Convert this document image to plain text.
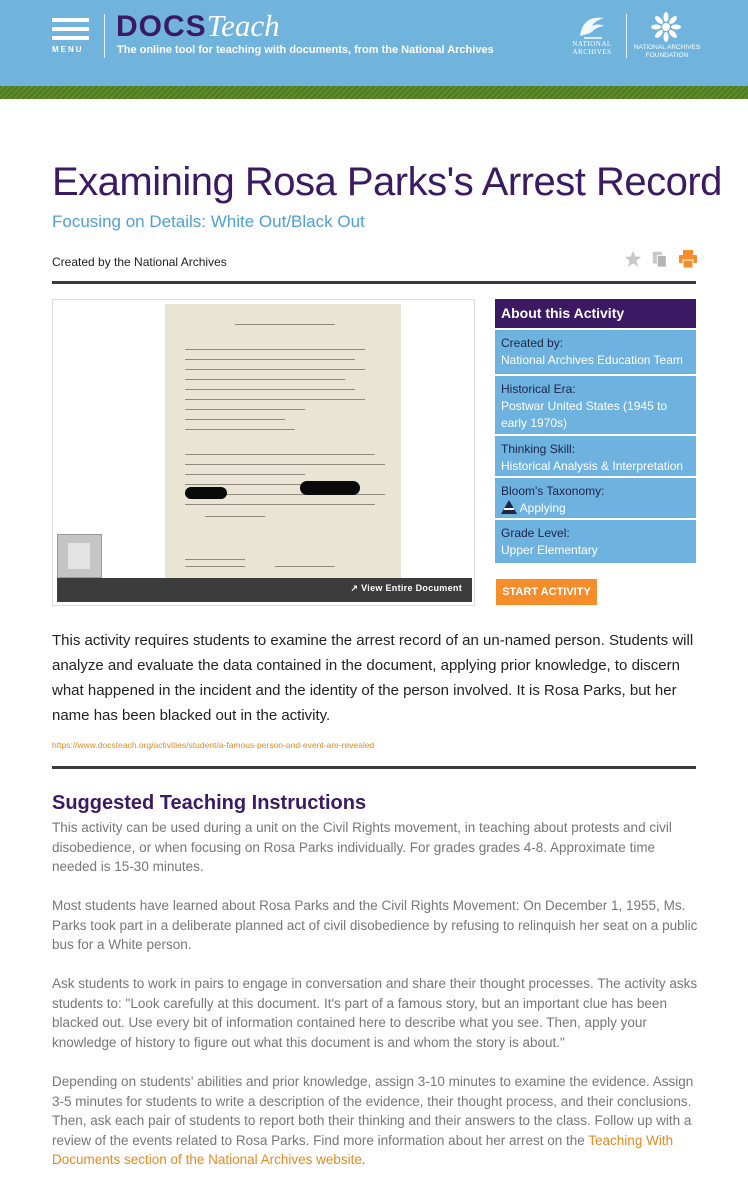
MENU
DOCSTeach
The online tool for teaching with documents, from the National Archives	NATIONAL
ARCHIVES
NATIONAL ARCHIVES
FOUNDATION
Examining Rosa Parks's Arrest Record
Focusing on Details: White Out/Black Out
Created by the National Archives
↗ View Entire Document
About this Activity
Created by:
National Archives Education Team
Historical Era:
Postwar United States (1945 to early 1970s)
Thinking Skill:
Historical Analysis & Interpretation
Bloom's Taxonomy:
Applying
Grade Level:
Upper Elementary
START ACTIVITY

This activity requires students to examine the arrest record of an un-named person. Students will analyze and evaluate the data contained in the document, applying prior knowledge, to discern what happened in the incident and the identity of the person involved. It is Rosa Parks, but her name has been blacked out in the activity.

https://www.docsteach.org/activities/student/a-famous-person-and-event-are-revealed
Suggested Teaching Instructions

This activity can be used during a unit on the Civil Rights movement, in teaching about protests and civil disobedience, or when focusing on Rosa Parks individually. For grades grades 4-8. Approximate time needed is 15-30 minutes.

Most students have learned about Rosa Parks and the Civil Rights Movement: On December 1, 1955, Ms. Parks took part in a deliberate planned act of civil disobedience by refusing to relinquish her seat on a public bus for a White person.

Ask students to work in pairs to engage in conversation and share their thought processes. The activity asks students to: "Look carefully at this document. It's part of a famous story, but an important clue has been blacked out. Use every bit of information contained here to describe what you see. Then, apply your knowledge of history to figure out what this document is and whom the story is about."

Depending on students' abilities and prior knowledge, assign 3-10 minutes to examine the evidence. Assign 3-5 minutes for students to write a description of the evidence, their thought process, and their conclusions. Then, ask each pair of students to report both their thinking and their answers to the class. Follow up with a review of the events related to Rosa Parks. Find more information about her arrest on the Teaching With Documents section of the National Archives website.
